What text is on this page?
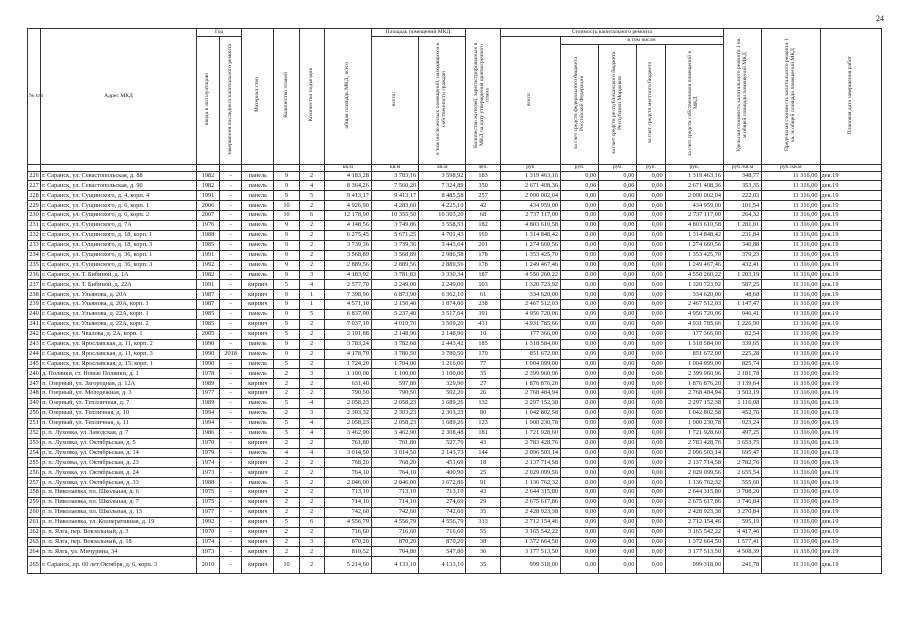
24
№ п/п	Адрес МКД	Год		Материал стен	Количество этажей	Количество подъездов	общая площадь МКД, всего	Площадь помещений МКД:		Количество жителей, зарегистрированных в МКД на дату утверждения краткосрочного плана	Стоимость капитального ремонта					Удельная стоимость капитального ремонта 1 кв. м общей площади помещений МКД	Предельная стоимость капитального ремонта 1 кв. м общей площади помещений МКД	Плановая дата завершения работ
		ввода в эксплуатацию	завершения последнего капитального ремонта					всего:	в том числе жилых помещений, находящихся в собственности граждан		всего:	в том числе:						
												за счет средств федерального бюджета Российской Федерации	за счет средств республиканского бюджета Республики Мордовия	за счет средств местного бюджета	за счет средств собственников помещений в МКД			
							кв.м	кв.м	кв.м	чел.	руб	руб.	руб.	руб.	руб.	руб./кв.м	руб./кв.м	
226	г. Саранск, ул. Севастопольская, д. 88	1982	-	панель	9	2	4 183,28	3 783,16	3 598,92	183	1 319 463,16	0,00	0,00	0,00	1 319 463,16	348,77	11 316,00	дек.19
227	г. Саранск, ул. Севастопольская, д. 90	1982	-	панель	9	4	8 364,26	7 560,20	7 324,89	350	2 671 408,36	0,00	0,00	0,00	2 671 408,36	353,35	11 316,00	дек.19
228	г. Саранск, ул. Сущинского, д. 4, корп. 4	1991	-	панель	9	5	9 413,17	9 413,17	8 485,58	257	2 090 002,04	0,00	0,00	0,00	2 090 002,04	222,03	11 316,00	дек.19
229	г. Саранск, ул. Сущинского, д. 6, корп. 1	2006	-	панель	10	2	4 926,90	4 283,60	4 225,10	42	434 959,00	0,00	0,00	0,00	434 959,00	101,54	11 316,00	дек.19
230	г. Саранск, ул. Сущинского, д. 6, корп. 2	2007	-	панель	10	6	12 178,90	10 355,50	10 303,20	68	2 737 117,00	0,00	0,00	0,00	2 737 117,00	264,32	11 316,00	дек.19
231	г. Саранск, ул. Сущинского, д. 7А	1976	-	панель	9	2	4 148,56	3 749,86	3 558,53	182	4 803 610,58	0,00	0,00	0,00	4 803 610,58	1 281,01	11 316,00	дек.19
232	г. Саранск, ул. Сущинского, д. 18, корп. 1	1988	-	панель	9	2	6 275,45	5 671,25	4 701,43	169	1 314 848,42	0,00	0,00	0,00	1 314 848,42	231,84	11 316,00	дек.19
233	г. Саранск, ул. Сущинского, д. 18, корп. 3	1985	-	панель	9	2	3 739,36	3 739,36	3 443,64	201	1 274 660,56	0,00	0,00	0,00	1 274 660,56	340,88	11 316,00	дек.19
234	г. Саранск, ул. Сущинского, д. 36, корп. 1	1991	-	панель	9	2	3 568,89	3 568,89	2 986,58	178	1 353 425,70	0,00	0,00	0,00	1 353 425,70	379,23	11 316,00	дек.19
235	г. Саранск, ул. Сущинского, д. 36, корп. 3	1992	-	панель	9	2	2 889,56	2 889,56	2 889,56	178	1 249 467,46	0,00	0,00	0,00	1 249 467,46	432,41	11 316,00	дек.19
236	г. Саранск, ул. Т. Бибиной, д. 1А	1982	-	панель	9	3	4 183,92	3 781,83	3 330,34	187	4 550 260,22	0,00	0,00	0,00	4 550 260,22	1 203,19	11 316,00	дек.19
237	г. Саранск, ул. Т. Бибиной, д. 22А	1991	-	кирпич	5	4	2 577,70	2 249,00	2 249,00	103	1 320 723,92	0,00	0,00	0,00	1 320 723,92	587,25	11 316,00	дек.19
238	г. Саранск, ул. Ульянова, д. 20А	1987	-	кирпич	9	1	7 398,90	6 873,90	6 362,10	61	334 620,00	0,00	0,00	0,00	334 620,00	48,68	11 316,00	дек.19
239	г. Саранск, ул. Ульянова, д. 20А, корп. 1	1987	-	кирпич	9	1	4 571,10	2 150,40	1 874,00	238	2 467 512,03	0,00	0,00	0,00	2 467 512,03	1 147,47	11 316,00	дек.19
240	г. Саранск, ул. Ульянова, д. 22А, корп. 1	1985	-	панель	9	5	6 837,00	5 237,40	3 517,64	391	4 956 720,06	0,00	0,00	0,00	4 956 720,06	946,41	11 316,00	дек.19
241	г. Саранск, ул. Ульянова, д. 22А, корп. 2	1985	-	кирпич	9	2	7 037,10	4 019,70	3 569,20	431	4 931 785,66	0,00	0,00	0,00	4 931 785,66	1 226,90	11 316,00	дек.19
242	г. Саранск, ул. Чкалова, д. 2А, корп. 1	2005	-	кирпич	5	2	2 191,88	2 148,90	2 148,90	10	177 366,00	0,00	0,00	0,00	177 366,00	82,54	11 316,00	дек.19
243	г. Саранск, ул. Ярославская, д. 11, корп. 2	1990	-	панель	9	2	3 783,24	3 782,68	2 443,42	185	1 318 584,00	0,00	0,00	0,00	1 318 584,00	339,65	11 316,00	дек.19
244	г. Саранск, ул. Ярославская, д. 11, корп. 3	1990	2018	панель	9	2	4 178,70	3 780,50	3 780,50	170	851 672,00	0,00	0,00	0,00	851 672,00	225,28	11 316,00	дек.19
245	г. Саранск, ул. Ярославская, д. 15, корп. 1	1990	-	панель	5	2	1 724,20	1 704,00	1 216,00	77	1 004 099,00	0,00	0,00	0,00	1 004 099,00	825,74	11 316,00	дек.19
246	д. Полянки, ст. Новые Полянки, д. 1	1978	-	панель	2	3	1 100,00	1 100,00	1 100,00	35	2 399 960,96	0,00	0,00	0,00	2 399 960,96	2 181,78	11 316,00	дек.19
247	п. Озерный, ул. Загородная, д. 12А	1989	-	кирпич	2	2	631,40	597,80	329,90	27	1 876 876,20	0,00	0,00	0,00	1 876 876,20	3 139,64	11 316,00	дек.19
248	п. Озерный, ул. Молодежная, д. 3	1977	-	кирпич	2	2	790,50	790,50	502,20	26	2 768 484,94	0,00	0,00	0,00	2 768 484,94	3 502,19	11 316,00	дек.19
249	п. Озерный, ул. Теплличная, д. 7	1989	-	панель	5	4	2 058,23	2 058,23	1 689,26	132	2 297 152,38	0,00	0,00	0,00	2 297 152,38	1 116,08	11 316,00	дек.19
250	п. Озерный, ул. Тепличная, д. 10	1994	-	панель	2	3	2 303,32	2 303,23	2 303,23	80	1 042 802,58	0,00	0,00	0,00	1 042 802,58	452,76	11 316,00	дек.19
251	п. Озерный, ул. Тепличная, д. 11	1994	-	панель	5	4	2 058,23	2 058,23	1 689,26	123	1 900 230,78	0,00	0,00	0,00	1 900 230,78	923,24	11 316,00	дек.19
252	р. п. Луховка, ул. Заводская, д. 7	1986	-	панель	5	4	3 462,90	3 462,90	2 308,48	181	1 721 928,60	0,00	0,00	0,00	1 721 928,60	497,25	11 316,00	дек.19
253	р. п. Луховка, ул. Октябрьская, д. 5	1970	-	кирпич	2	2	761,80	761,80	527,70	43	2 783 428,76	0,00	0,00	0,00	2 783 428,76	3 653,75	11 316,00	дек.19
254	р. п. Луховка, ул. Октябрьская, д. 14	1979	-	панель	4	4	3 014,50	3 014,50	2 143,73	144	2 096 503,14	0,00	0,00	0,00	2 096 503,14	695,47	11 316,00	дек.19
255	р. п. Луховка, ул. Октябрьская, д. 23	1974	-	кирпич	2	2	768,20	768,20	451,69	18	2 137 714,58	0,00	0,00	0,00	2 137 714,58	2 782,76	11 316,00	дек.19
256	р. п. Луховка, ул. Октябрьская, д. 24	1973	-	кирпич	2	2	764,10	764,10	400,90	25	2 029 099,56	0,00	0,00	0,00	2 029 099,56	2 655,54	11 316,00	дек.19
257	р. п. Луховка, ул. Октябрьская, д. 33	1988	-	панель	5	2	2 046,00	2 046,00	1 672,86	91	1 136 762,32	0,00	0,00	0,00	1 136 762,32	555,60	11 316,00	дек.19
258	р. п. Николаевка, пл. Школьная, д. 6	1975	-	кирпич	2	2	713,10	713,10	713,10	43	2 644 315,80	0,00	0,00	0,00	2 644 315,80	3 708,20	11 316,00	дек.19
259	р. п. Николаевка, пл. Школьная, д. 7	1975	-	кирпич	2	2	714,10	714,10	274,69	29	2 675 617,86	0,00	0,00	0,00	2 675 617,86	3 746,84	11 316,00	дек.19
260	р. п. Николаевка, пл. Школьная, д. 13	1977	-	кирпич	2	2	742,60	742,60	742,60	35	2 428 923,38	0,00	0,00	0,00	2 428 923,38	3 270,84	11 316,00	дек.19
261	р. п. Николаевка, ул. Кооперативная, д. 19	1992	-	кирпич	5	6	4 556,79	4 556,79	4 556,79	313	2 712 154,46	0,00	0,00	0,00	2 712 154,46	595,19	11 316,00	дек.19
262	р. п. Ялга, пер. Вокзальный, д. 3	1970	-	кирпич	2	2	716,60	716,60	716,60	55	3 165 542,22	0,00	0,00	0,00	3 165 542,22	4 417,46	11 316,00	дек.19
263	р. п. Ялга, пер. Вокзальный, д. 18	1974	-	кирпич	2	3	870,20	870,20	870,20	38	1 372 664,50	0,00	0,00	0,00	1 372 664,50	1 577,41	11 316,00	дек.19
264	р. п. Ялга, ул. Мичурина, 34	1973	-	кирпич	2	2	810,52	704,80	547,80	36	3 177 513,50	0,00	0,00	0,00	3 177 513,50	4 508,39	11 316,00	дек.19
265	г. Саранск, пр. 60 лет Октября, д. 6, корп. 3	2010	-	кирпич	10	2	5 214,60	4 133,10	4 133,10	35	999 318,00	0,00	0,00	0,00	999 318,00	241,78	11 316,00	дек.19
